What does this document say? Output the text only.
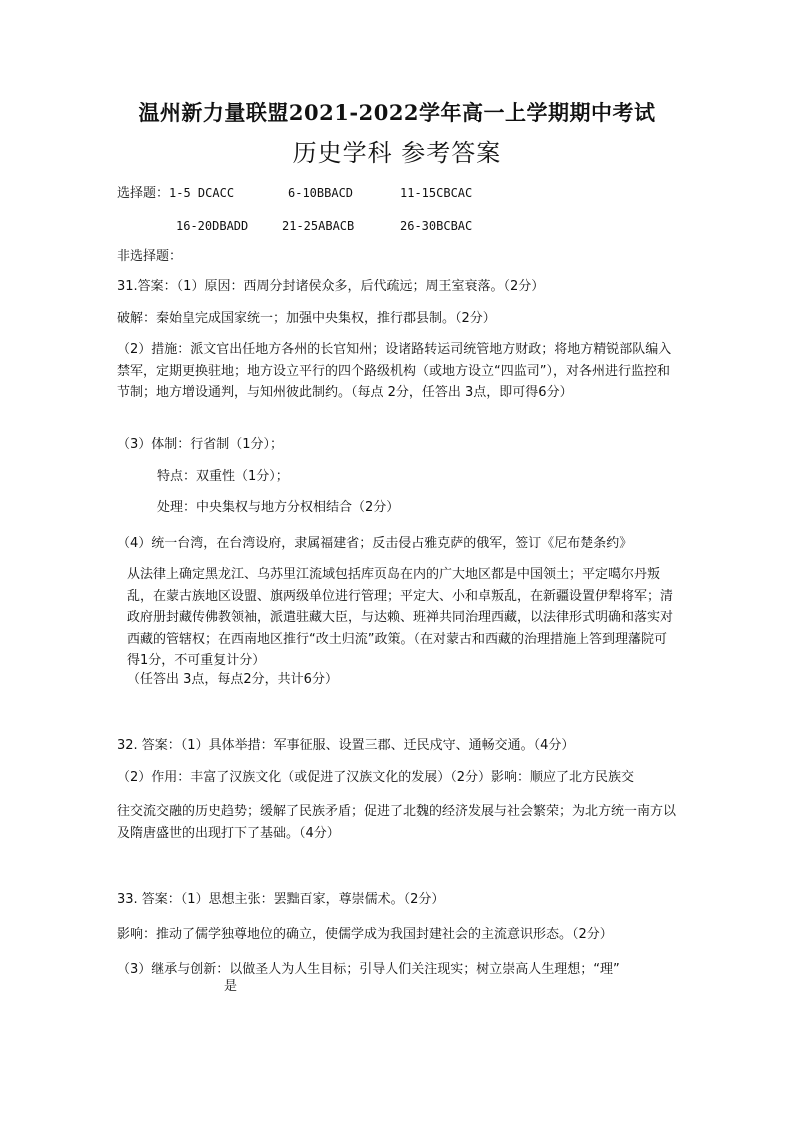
温州新力量联盟2021-2022学年高一上学期期中考试
历史学科 参考答案
选择题：1-5 DCACC	6-10BBACD	11-15CBCAC
16-20DBADD	21-25ABACB	26-30BCBAC
非选择题：
31.答案：（1）原因：西周分封诸侯众多，后代疏远；周王室衰落。（2分）
破解：秦始皇完成国家统一；加强中央集权，推行郡县制。（2分）
（2）措施：派文官出任地方各州的长官知州；设诸路转运司统管地方财政；将地方精锐部队编入禁军，定期更换驻地；地方设立平行的四个路级机构（或地方设立“四监司”），对各州进行监控和节制；地方增设通判，与知州彼此制约。（每点 2分，任答出 3点，即可得6分）
（3）体制：行省制（1分）；
特点：双重性（1分）；
处理：中央集权与地方分权相结合（2分）
（4）统一台湾，在台湾设府，隶属福建省；反击侵占雅克萨的俄军，签订《尼布楚条约》
从法律上确定黑龙江、乌苏里江流域包括库页岛在内的广大地区都是中国领土；平定噶尔丹叛乱，在蒙古族地区设盟、旗两级单位进行管理；平定大、小和卓叛乱，在新疆设置伊犁将军；清政府册封藏传佛教领袖，派遣驻藏大臣，与达赖、班禅共同治理西藏，以法律形式明确和落实对西藏的管辖权；在西南地区推行“改土归流”政策。（在对蒙古和西藏的治理措施上答到理藩院可得1分，不可重复计分）
（任答出 3点，每点2分，共计6分）
32. 答案：（1）具体举措：军事征服、设置三郡、迁民戍守、通畅交通。（4分）
（2）作用：丰富了汉族文化（或促进了汉族文化的发展）（2分）影响：顺应了北方民族交
往交流交融的历史趋势；缓解了民族矛盾；促进了北魏的经济发展与社会繁荣；为北方统一南方以及隋唐盛世的出现打下了基础。（4分）
33. 答案：（1）思想主张：罢黜百家，尊崇儒术。（2分）
影响：推动了儒学独尊地位的确立，使儒学成为我国封建社会的主流意识形态。（2分）
（3）继承与创新：以做圣人为人生目标；引导人们关注现实；树立崇高人生理想；“理”
是
